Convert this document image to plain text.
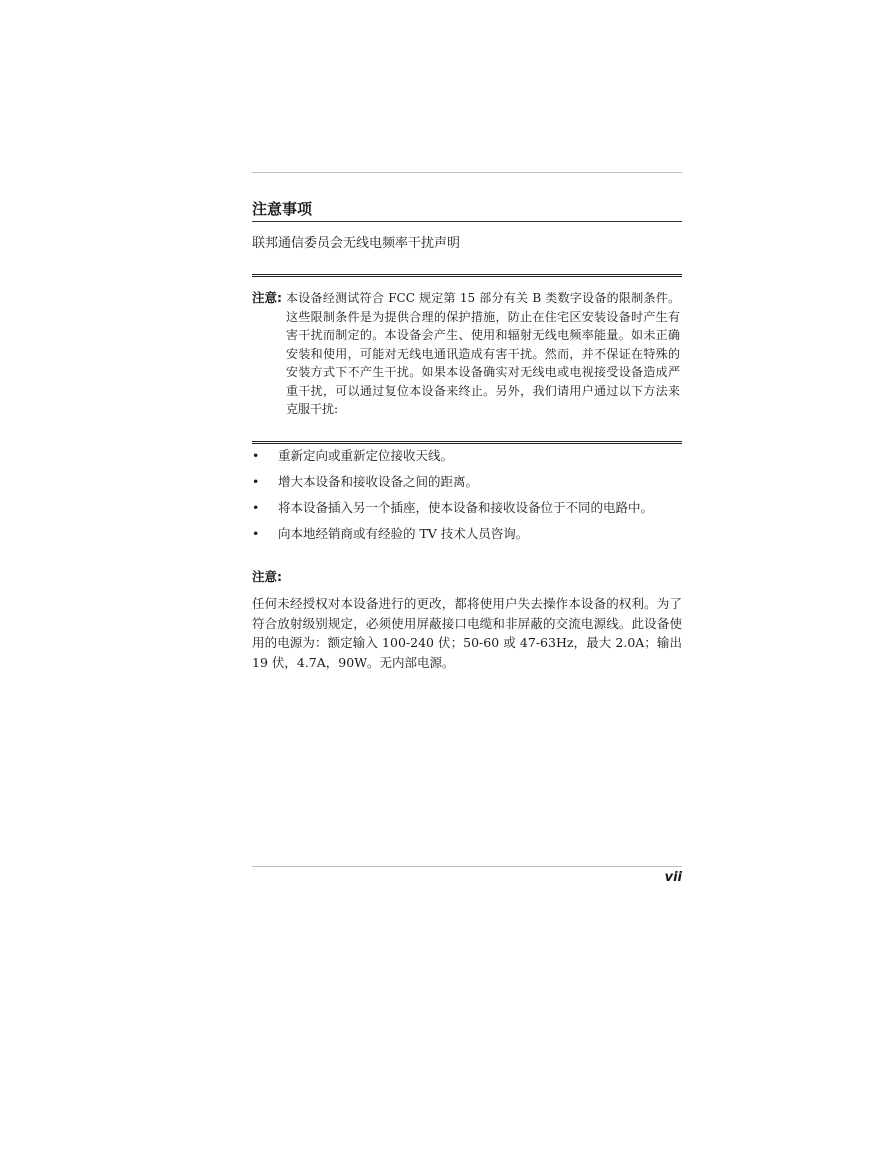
注意事项
联邦通信委员会无线电频率干扰声明
注意: 本设备经测试符合 FCC 规定第 15 部分有关 B 类数字设备的限制条件。这些限制条件是为提供合理的保护措施，防止在住宅区安装设备时产生有害干扰而制定的。本设备会产生、使用和辐射无线电频率能量。如未正确安装和使用，可能对无线电通讯造成有害干扰。然而，并不保证在特殊的安装方式下不产生干扰。如果本设备确实对无线电或电视接受设备造成严重干扰，可以通过复位本设备来终止。另外，我们请用户通过以下方法来克服干扰:
• 重新定向或重新定位接收天线。
• 增大本设备和接收设备之间的距离。
• 将本设备插入另一个插座，使本设备和接收设备位于不同的电路中。
• 向本地经销商或有经验的 TV 技术人员咨询。
注意:
任何未经授权对本设备进行的更改，都将使用户失去操作本设备的权利。为了符合放射级别规定，必须使用屏蔽接口电缆和非屏蔽的交流电源线。此设备使用的电源为：额定输入 100-240 伏；50-60 或 47-63Hz，最大 2.0A；输出 19 伏，4.7A，90W。无内部电源。
vii
